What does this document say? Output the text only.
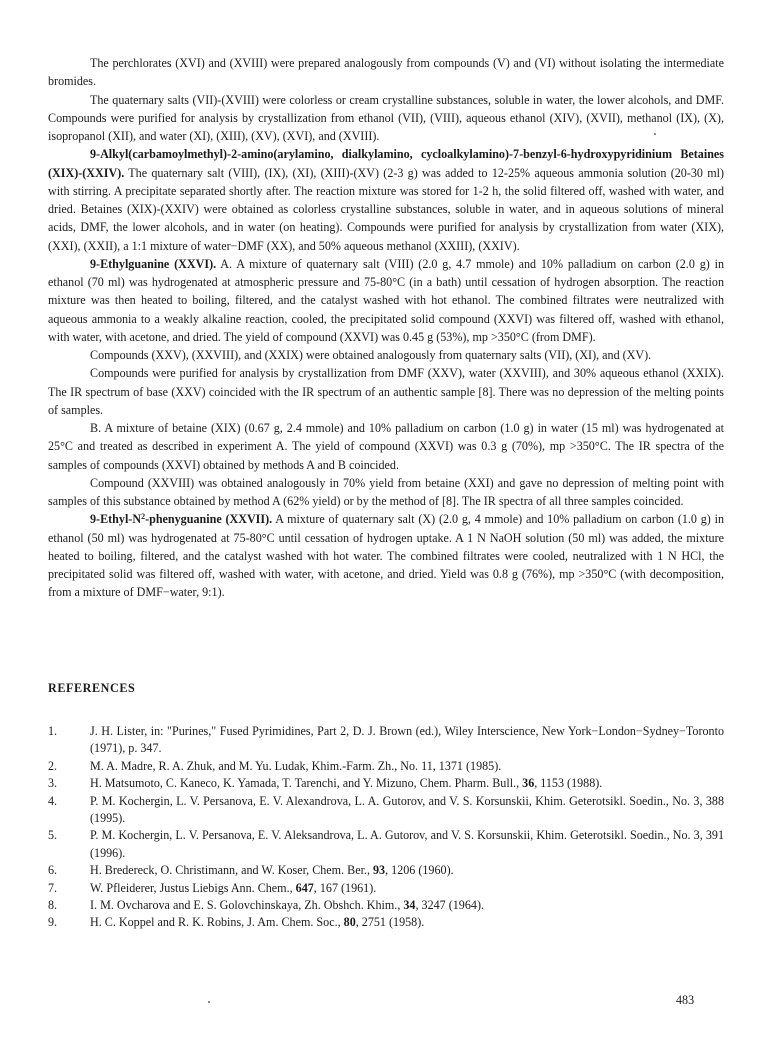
The perchlorates (XVI) and (XVIII) were prepared analogously from compounds (V) and (VI) without isolating the intermediate bromides.

The quaternary salts (VII)-(XVIII) were colorless or cream crystalline substances, soluble in water, the lower alcohols, and DMF. Compounds were purified for analysis by crystallization from ethanol (VII), (VIII), aqueous ethanol (XIV), (XVII), methanol (IX), (X), isopropanol (XII), and water (XI), (XIII), (XV), (XVI), and (XVIII).

9-Alkyl(carbamoylmethyl)-2-amino(arylamino, dialkylamino, cycloalkylamino)-7-benzyl-6-hydroxypyridinium Betaines (XIX)-(XXIV). The quaternary salt (VIII), (IX), (XI), (XIII)-(XV) (2-3 g) was added to 12-25% aqueous ammonia solution (20-30 ml) with stirring. A precipitate separated shortly after. The reaction mixture was stored for 1-2 h, the solid filtered off, washed with water, and dried. Betaines (XIX)-(XXIV) were obtained as colorless crystalline substances, soluble in water, and in aqueous solutions of mineral acids, DMF, the lower alcohols, and in water (on heating). Compounds were purified for analysis by crystallization from water (XIX), (XXI), (XXII), a 1:1 mixture of water−DMF (XX), and 50% aqueous methanol (XXIII), (XXIV).

9-Ethylguanine (XXVI). A. A mixture of quaternary salt (VIII) (2.0 g, 4.7 mmole) and 10% palladium on carbon (2.0 g) in ethanol (70 ml) was hydrogenated at atmospheric pressure and 75-80°C (in a bath) until cessation of hydrogen absorption. The reaction mixture was then heated to boiling, filtered, and the catalyst washed with hot ethanol. The combined filtrates were neutralized with aqueous ammonia to a weakly alkaline reaction, cooled, the precipitated solid compound (XXVI) was filtered off, washed with ethanol, with water, with acetone, and dried. The yield of compound (XXVI) was 0.45 g (53%), mp >350°C (from DMF).

Compounds (XXV), (XXVIII), and (XXIX) were obtained analogously from quaternary salts (VII), (XI), and (XV).

Compounds were purified for analysis by crystallization from DMF (XXV), water (XXVIII), and 30% aqueous ethanol (XXIX). The IR spectrum of base (XXV) coincided with the IR spectrum of an authentic sample [8]. There was no depression of the melting points of samples.

B. A mixture of betaine (XIX) (0.67 g, 2.4 mmole) and 10% palladium on carbon (1.0 g) in water (15 ml) was hydrogenated at 25°C and treated as described in experiment A. The yield of compound (XXVI) was 0.3 g (70%), mp >350°C. The IR spectra of the samples of compounds (XXVI) obtained by methods A and B coincided.

Compound (XXVIII) was obtained analogously in 70% yield from betaine (XXI) and gave no depression of melting point with samples of this substance obtained by method A (62% yield) or by the method of [8]. The IR spectra of all three samples coincided.

$9-Ethyl-N^2$-phenyguanine (XXVII). A mixture of quaternary salt (X) (2.0 g, 4 mmole) and 10% palladium on carbon (1.0 g) in ethanol (50 ml) was hydrogenated at 75-80°C until cessation of hydrogen uptake. A 1 N NaOH solution (50 ml) was added, the mixture heated to boiling, filtered, and the catalyst washed with hot water. The combined filtrates were cooled, neutralized with 1 N HCl, the precipitated solid was filtered off, washed with water, with acetone, and dried. Yield was 0.8 g (76%), mp >350°C (with decomposition, from a mixture of DMF−water, 9:1).

REFERENCES
1.	J. H. Lister, in: "Purines," Fused Pyrimidines, Part 2, D. J. Brown (ed.), Wiley Interscience, New York−London−Sydney−Toronto (1971), p. 347.
2.	M. A. Madre, R. A. Zhuk, and M. Yu. Ludak, Khim.-Farm. Zh., No. 11, 1371 (1985).
3.	H. Matsumoto, C. Kaneco, K. Yamada, T. Tarenchi, and Y. Mizuno, Chem. Pharm. Bull., 36, 1153 (1988).
4.	P. M. Kochergin, L. V. Persanova, E. V. Alexandrova, L. A. Gutorov, and V. S. Korsunskii, Khim. Geterotsikl. Soedin., No. 3, 388 (1995).
5.	P. M. Kochergin, L. V. Persanova, E. V. Aleksandrova, L. A. Gutorov, and V. S. Korsunskii, Khim. Geterotsikl. Soedin., No. 3, 391 (1996).
6.	H. Bredereck, O. Christimann, and W. Koser, Chem. Ber., 93, 1206 (1960).
7.	W. Pfleiderer, Justus Liebigs Ann. Chem., 647, 167 (1961).
8.	I. M. Ovcharova and E. S. Golovchinskaya, Zh. Obshch. Khim., 34, 3247 (1964).
9.	H. C. Koppel and R. K. Robins, J. Am. Chem. Soc., 80, 2751 (1958).
483
